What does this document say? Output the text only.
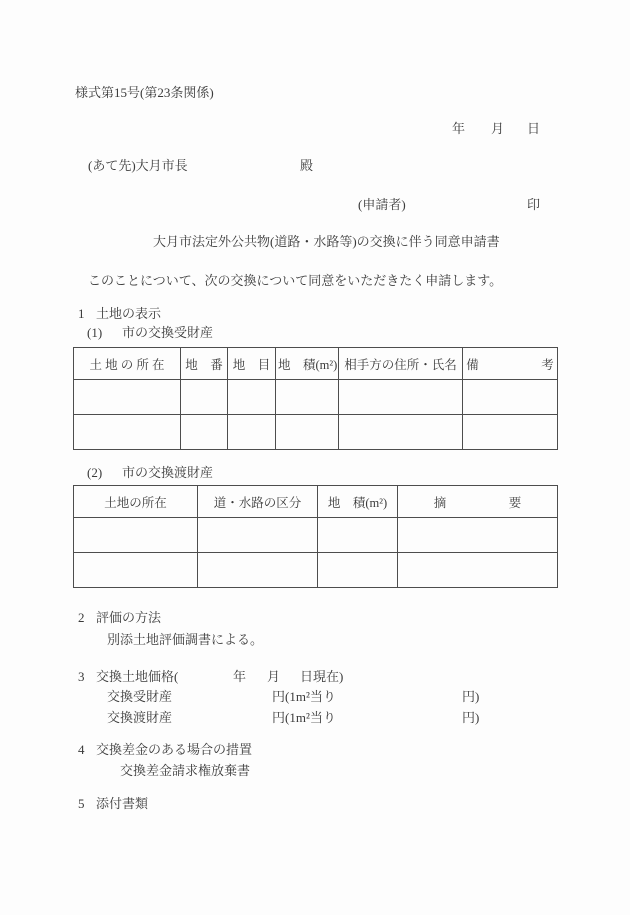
様式第15号(第23条関係)
年 月 日
(あて先)大月市長	殿
(申請者)	印
大月市法定外公共物(道路・水路等)の交換に伴う同意申請書
このことについて、次の交換について同意をいただきたく申請します。
1 土地の表示
(1) 市の交換受財産
土 地 の 所 在	地　番	地　目	地　積(m²)	相手方の住所・氏名	備　　　　　考

(2) 市の交換渡財産
土地の所在	道・水路の区分	地　積(m²)	摘　　　　　要

2 評価の方法
別添土地評価調書による。
3 交換土地価格(	年 月 日現在)
交換受財産	円(1m²当り	円)
交換渡財産	円(1m²当り	円)
4 交換差金のある場合の措置
交換差金請求権放棄書
5 添付書類
